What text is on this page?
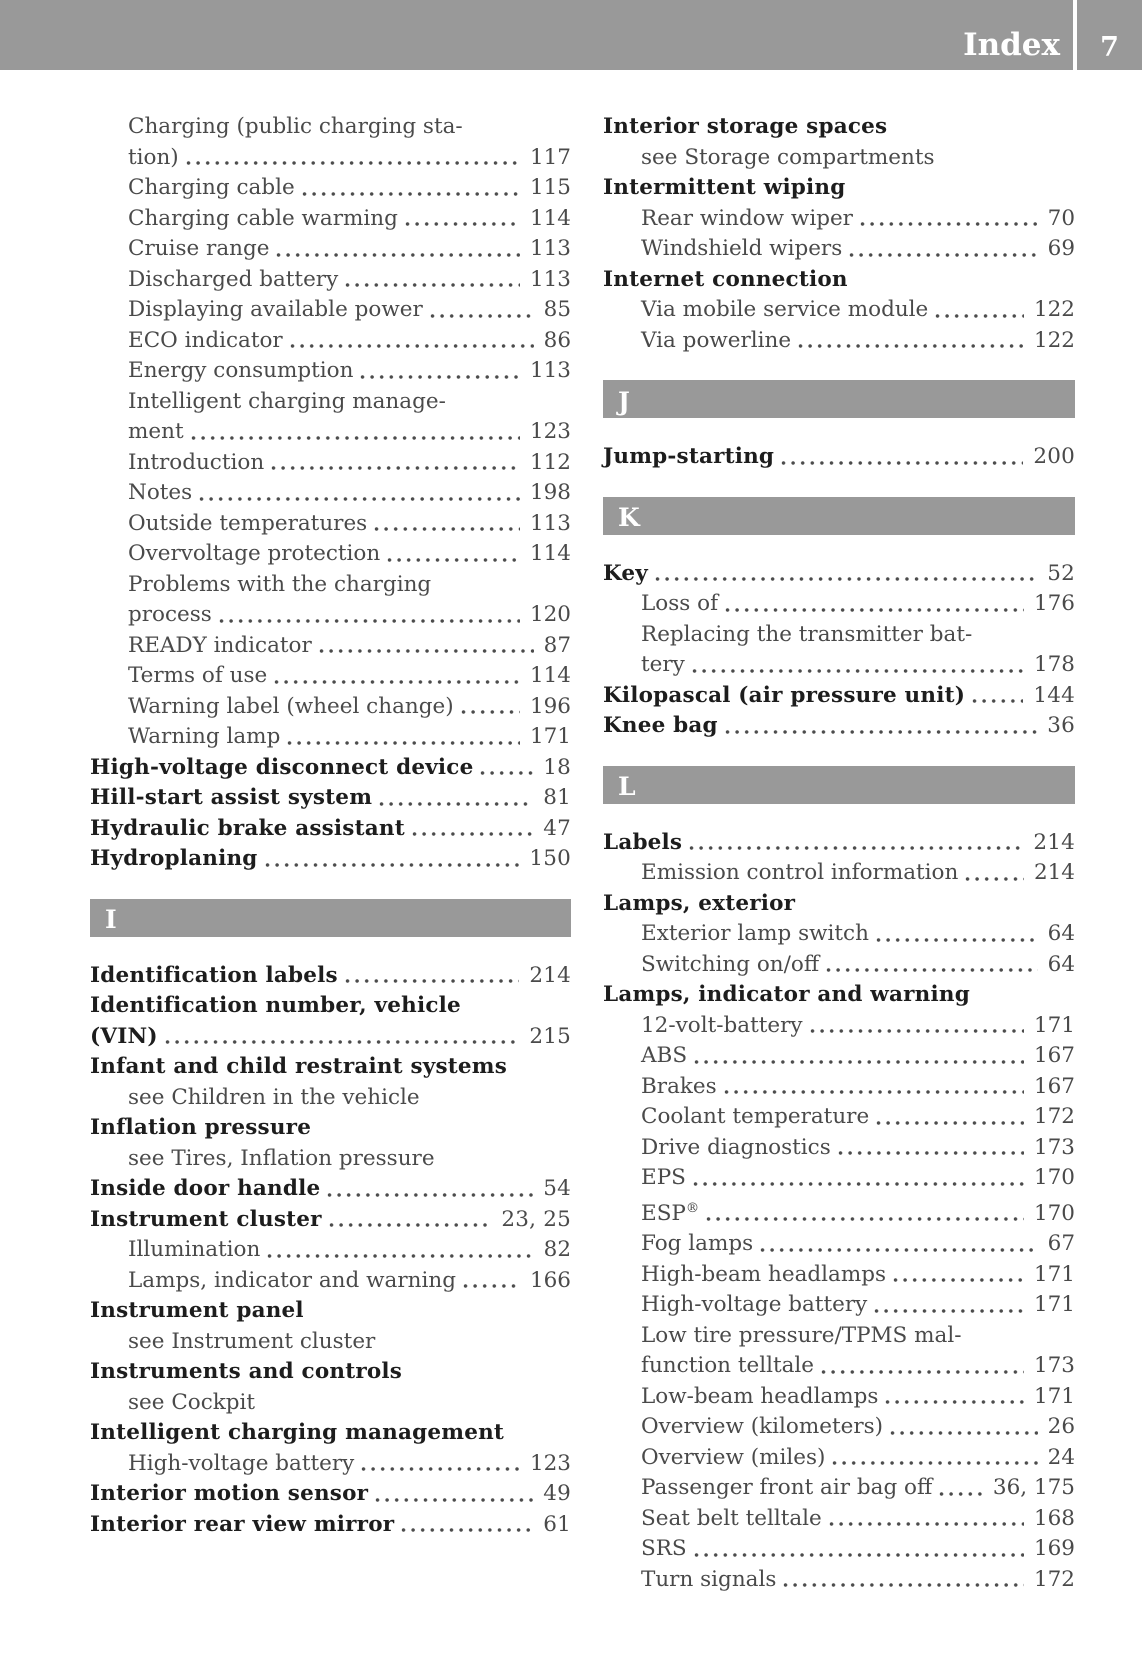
Index	7
Charging (public charging sta-
tion)	117
Charging cable	115
Charging cable warming	114
Cruise range	113
Discharged battery	113
Displaying available power	85
ECO indicator	86
Energy consumption	113
Intelligent charging manage-
ment	123
Introduction	112
Notes	198
Outside temperatures	113
Overvoltage protection	114
Problems with the charging
process	120
READY indicator	87
Terms of use	114
Warning label (wheel change)	196
Warning lamp	171
High-voltage disconnect device	18
Hill-start assist system	81
Hydraulic brake assistant	47
Hydroplaning	150
I
Identification labels	214
Identification number, vehicle
(VIN)	215
Infant and child restraint systems
see Children in the vehicle
Inflation pressure
see Tires, Inflation pressure
Inside door handle	54
Instrument cluster	23, 25
Illumination	82
Lamps, indicator and warning	166
Instrument panel
see Instrument cluster
Instruments and controls
see Cockpit
Intelligent charging management
High-voltage battery	123
Interior motion sensor	49
Interior rear view mirror	61
Interior storage spaces
see Storage compartments
Intermittent wiping
Rear window wiper	70
Windshield wipers	69
Internet connection
Via mobile service module	122
Via powerline	122
J
Jump-starting	200
K
Key	52
Loss of	176
Replacing the transmitter bat-
tery	178
Kilopascal (air pressure unit)	144
Knee bag	36
L
Labels	214
Emission control information	214
Lamps, exterior
Exterior lamp switch	64
Switching on/off	64
Lamps, indicator and warning
12-volt-battery	171
ABS	167
Brakes	167
Coolant temperature	172
Drive diagnostics	173
EPS	170
ESP®	170
Fog lamps	67
High-beam headlamps	171
High-voltage battery	171
Low tire pressure/TPMS mal-
function telltale	173
Low-beam headlamps	171
Overview (kilometers)	26
Overview (miles)	24
Passenger front air bag off	36, 175
Seat belt telltale	168
SRS	169
Turn signals	172
